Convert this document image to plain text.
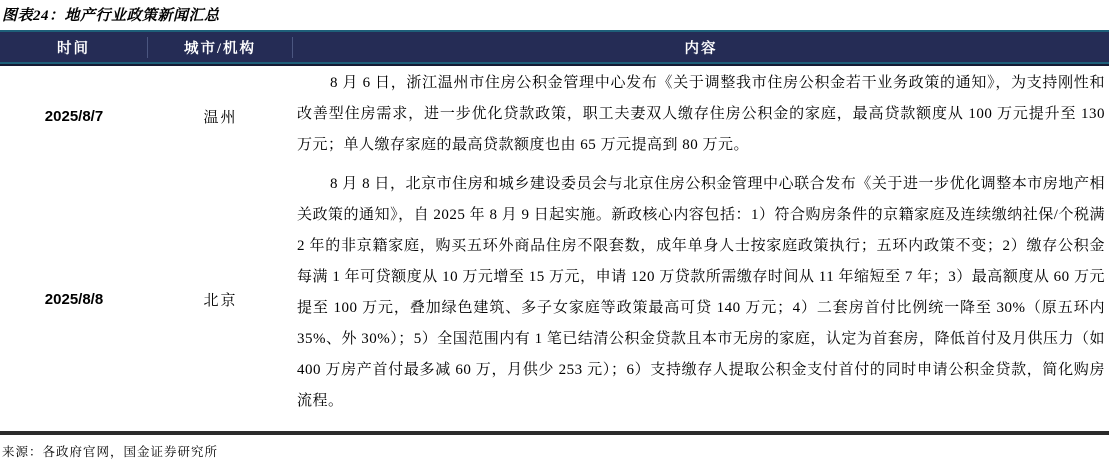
图表24：地产行业政策新闻汇总
时间	城市/机构	内容
2025/8/7	温州

8 月 6 日，浙江温州市住房公积金管理中心发布《关于调整我市住房公积金若干业务政策的通知》，为支持刚性和改善型住房需求，进一步优化贷款政策，职工夫妻双人缴存住房公积金的家庭，最高贷款额度从 100 万元提升至 130 万元；单人缴存家庭的最高贷款额度也由 65 万元提高到 80 万元。

2025/8/8	北京

8 月 8 日，北京市住房和城乡建设委员会与北京住房公积金管理中心联合发布《关于进一步优化调整本市房地产相关政策的通知》，自 2025 年 8 月 9 日起实施。新政核心内容包括：1）符合购房条件的京籍家庭及连续缴纳社保/个税满 2 年的非京籍家庭，购买五环外商品住房不限套数，成年单身人士按家庭政策执行；五环内政策不变；2）缴存公积金每满 1 年可贷额度从 10 万元增至 15 万元，申请 120 万贷款所需缴存时间从 11 年缩短至 7 年；3）最高额度从 60 万元提至 100 万元，叠加绿色建筑、多子女家庭等政策最高可贷 140 万元；4）二套房首付比例统一降至 30%（原五环内 35%、外 30%）；5）全国范围内有 1 笔已结清公积金贷款且本市无房的家庭，认定为首套房，降低首付及月供压力（如 400 万房产首付最多减 60 万，月供少 253 元）；6）支持缴存人提取公积金支付首付的同时申请公积金贷款，简化购房流程。

来源：各政府官网，国金证券研究所
